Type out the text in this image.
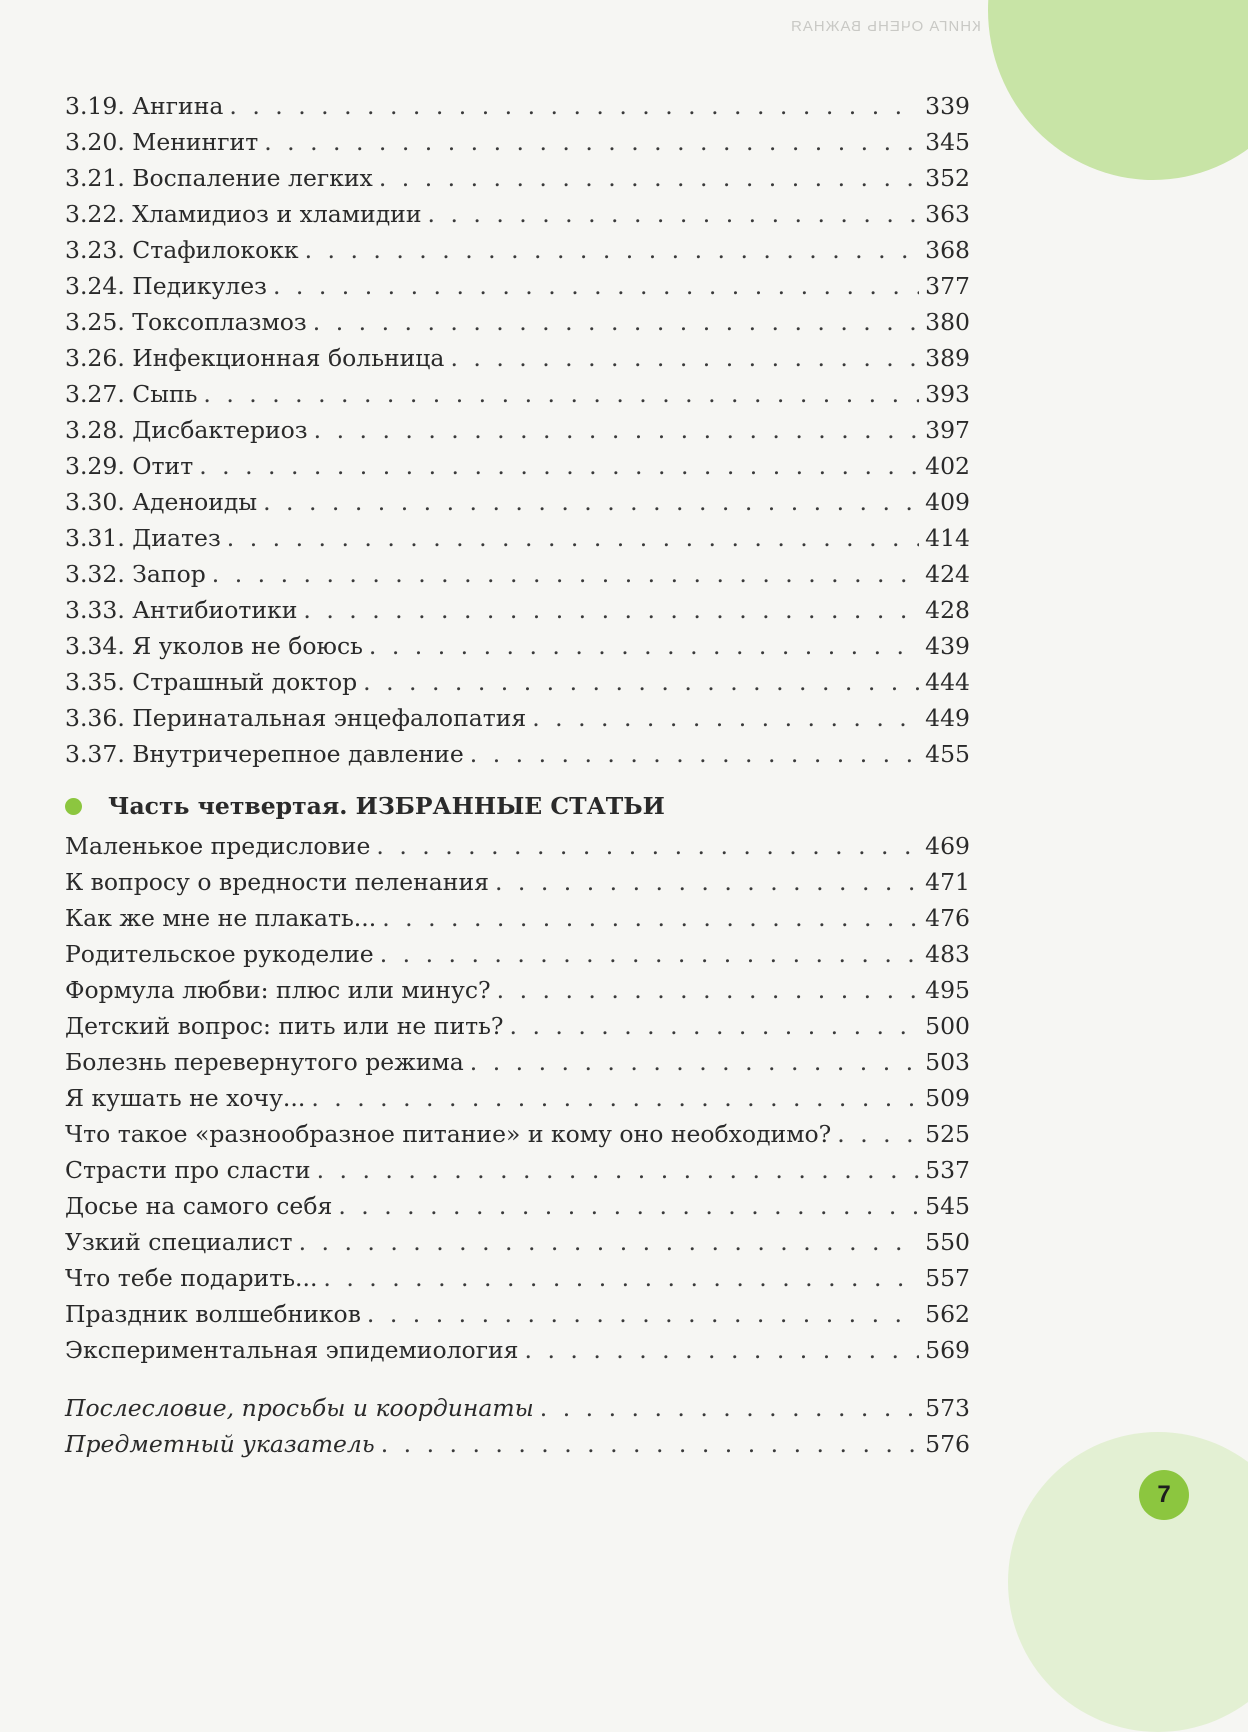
КНИГА ОЧЕНЬ ВАЖНАЯ
3.19. Ангина . . .	339
3.20. Менингит . . .	345
3.21. Воспаление легких . . .	352
3.22. Хламидиоз и хламидии . . .	363
3.23. Стафилококк . . .	368
3.24. Педикулез . . .	377
3.25. Токсоплазмоз . . .	380
3.26. Инфекционная больница . . .	389
3.27. Сыпь . . .	393
3.28. Дисбактериоз . . .	397
3.29. Отит . . .	402
3.30. Аденоиды . . .	409
3.31. Диатез . . .	414
3.32. Запор . . .	424
3.33. Антибиотики . . .	428
3.34. Я уколов не боюсь . . .	439
3.35. Страшный доктор . . .	444
3.36. Перинатальная энцефалопатия . . .	449
3.37. Внутричерепное давление . . .	455
Часть четвертая. ИЗБРАННЫЕ СТАТЬИ
Маленькое предисловие . . .	469
К вопросу о вредности пеленания . . .	471
Как же мне не плакать... . . .	476
Родительское рукоделие . . .	483
Формула любви: плюс или минус? . . .	495
Детский вопрос: пить или не пить? . . .	500
Болезнь перевернутого режима . . .	503
Я кушать не хочу... . . .	509
Что такое «разнообразное питание» и кому оно необходимо? . . .	525
Страсти про сласти . . .	537
Досье на самого себя . . .	545
Узкий специалист . . .	550
Что тебе подарить... . . .	557
Праздник волшебников . . .	562
Экспериментальная эпидемиология . . .	569
Послесловие, просьбы и координаты . . .	573
Предметный указатель . . .	576
7
